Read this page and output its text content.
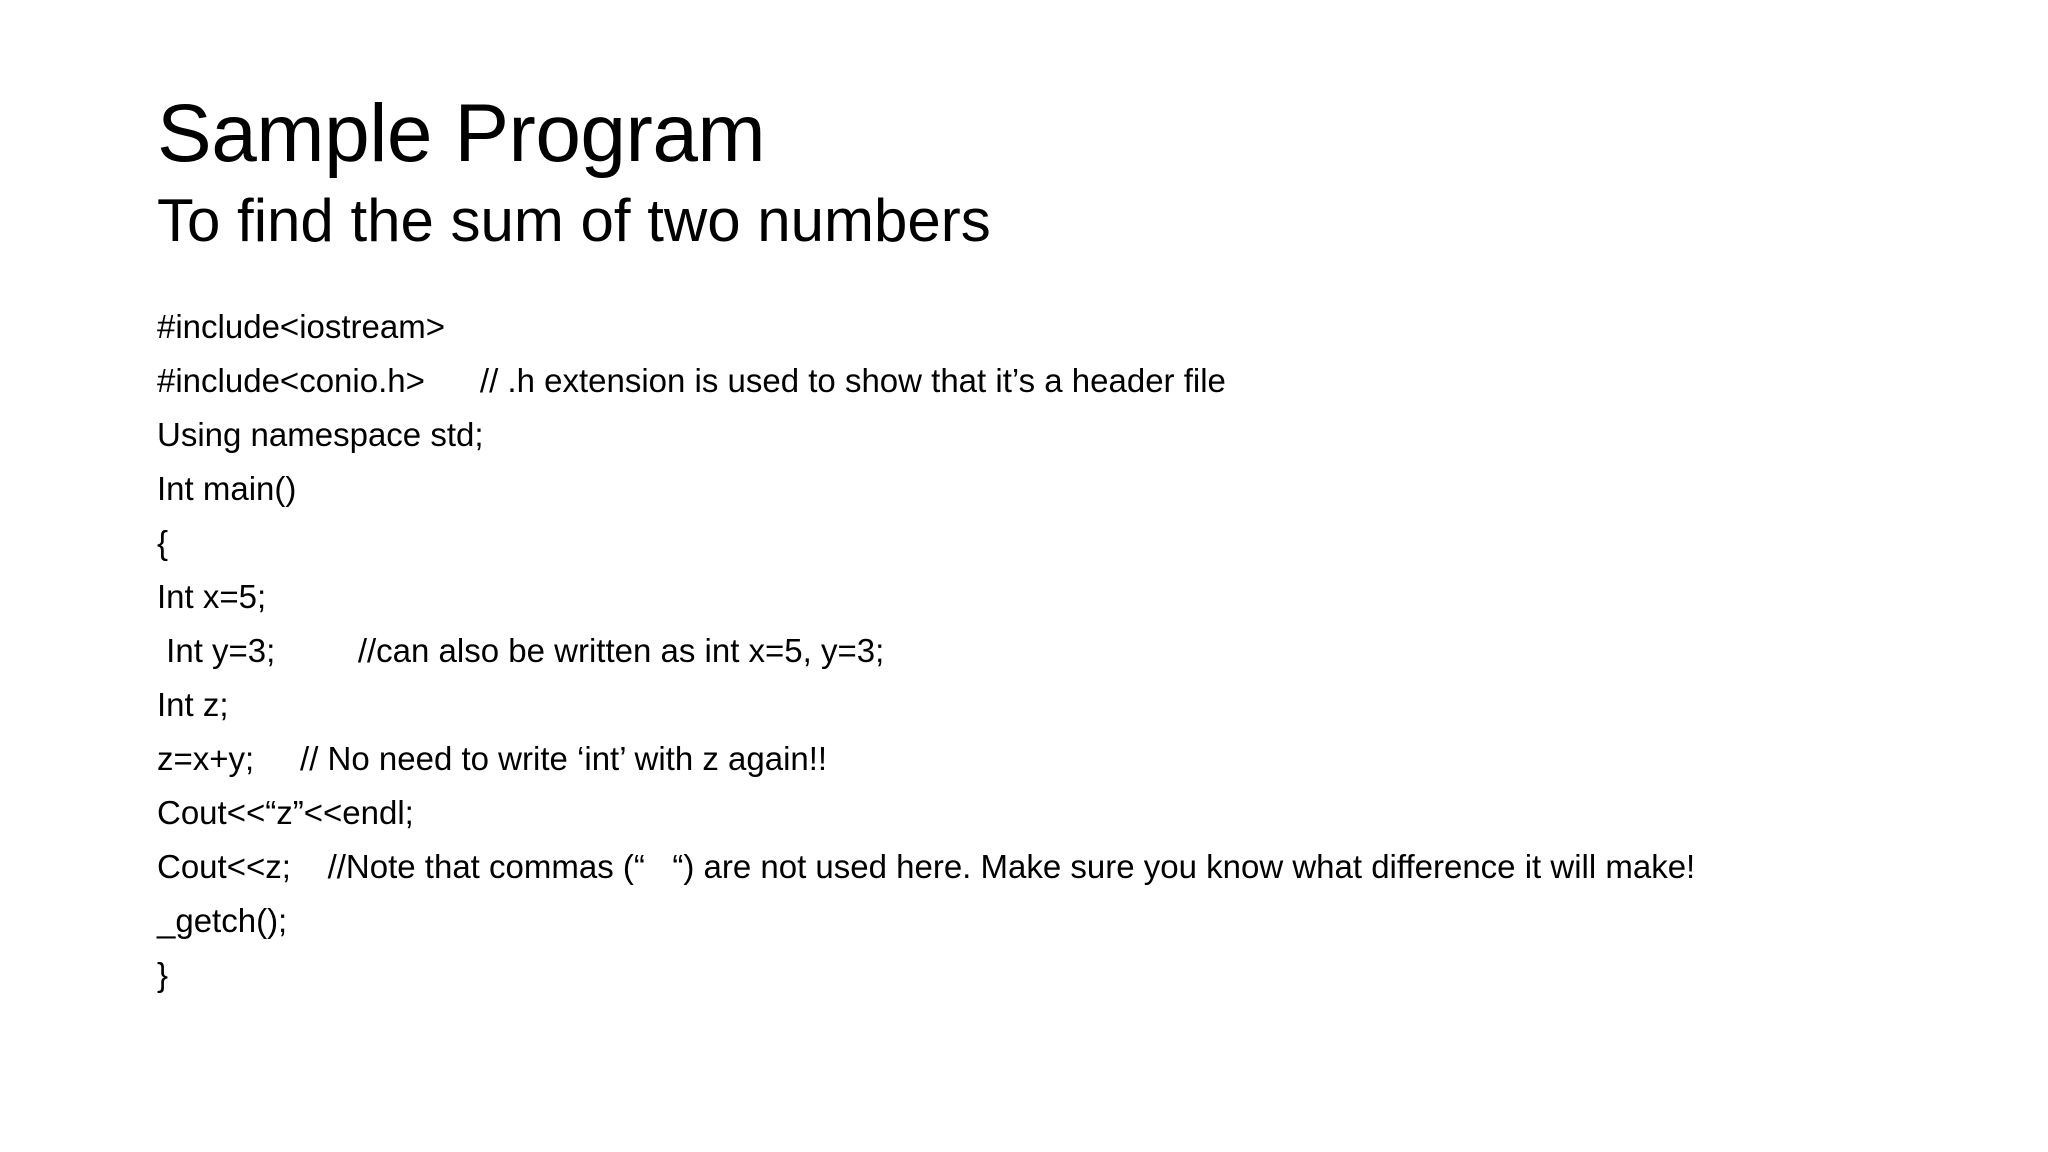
Sample Program
To find the sum of two numbers
#include<iostream>
#include<conio.h>      // .h extension is used to show that it’s a header file
Using namespace std;
Int main()
{
Int x=5;
Int y=3;         //can also be written as int x=5, y=3;
Int z;
z=x+y;     // No need to write ‘int’ with z again!!
Cout<<“z”<<endl;
Cout<<z;    //Note that commas (“   “) are not used here. Make sure you know what difference it will make!
_getch();
}
